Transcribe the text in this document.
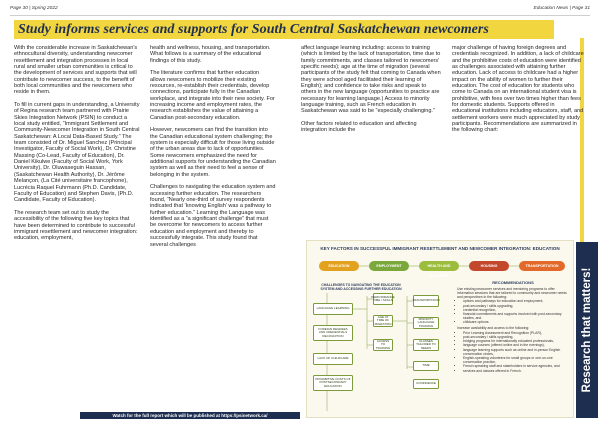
Page 30 | Spring 2022	Education News | Page 31
Study informs services and supports for South Central Saskatchewan newcomers

With the considerable increase in Saskatchewan's ethnocultural diversity, understanding newcomer resettlement and integration processes in local rural and smaller urban communities is critical to the development of services and supports that will contribute to newcomer success, to the benefit of both local communities and the newcomers who reside in them.

To fill in current gaps in understanding, a University of Regina research team partnered with Prairie Skies Integration Network (PSIN) to conduct a local study entitled, “Immigrant Settlement and Community-Newcomer Integration in South Central Saskatchewan: A Local Data-Based Study.” The team consisted of Dr. Miguel Sanchez (Principal Investigator, Faculty of Social Work), Dr. Christine Massing (Co-Lead, Faculty of Education), Dr. Daniel Kikulwe (Faculty of Social Work, York University), Dr. Oluwaseguin Hassan, (Saskatchewan Health Authority), Dr. Jérôme Melançon, (La Cité universitaire francophone), Lucrécia Raquel Fuhrmann (Ph.D. Candidate, Faculty of Education) and Stephen Davis, (Ph.D. Candidate, Faculty of Education).

The research team set out to study the accessibility of the following five key topics that have been determined to contribute to successful immigrant resettlement and newcomer integration: education, employment,

health and wellness, housing, and transportation. What follows is a summary of the educational findings of this study.

The literature confirms that further education allows newcomers to mobilize their existing resources, re-establish their credentials, develop connections, participate fully in the Canadian workplace, and integrate into their new society. For increasing income and employment rates, the research establishes the value of attaining a Canadian post-secondary education.

However, newcomers can find the transition into the Canadian educational system challenging; the system is especially difficult for those living outside of the urban areas due to lack of opportunities. Some newcomers emphasized the need for additional supports for understanding the Canadian system as well as their need to feel a sense of belonging in the system.

Challenges to navigating the education system and accessing further education. The researchers found, “Nearly one-third of survey respondents indicated that ‘knowing English’ was a pathway to further education.” Learning the Language was identified as a “a significant challenge” that must be overcome for newcomers to access further education and employment and thereby to successfully integrate. This study found that several challenges

affect language learning including: access to training (which is limited by the lack of transportation, time due to family commitments, and classes tailored to newcomers' specific needs); age at the time of migration (several participants of the study felt that coming to Canada when they were school aged facilitated their learning of English); and confidence to take risks and speak to others in the new language (opportunities to practice are necessary for learning language.) Access to minority language training, such as French education in Saskatchewan was said to be “especially challenging.”

Other factors related to education and affecting integration include the

major challenge of having foreign degrees and credentials recognized. In addition, a lack of childcare and the prohibitive costs of education were identified as challenges associated with attaining further education. Lack of access to childcare had a higher impact on the ability of women to further their education. The cost of education for students who come to Canada on an international student visa is prohibitive, with fees over two times higher than fees for domestic students. Supports offered in educational institutions including educators, staff, and settlement workers were much appreciated by study participants. Recommendations are summarized in the following chart:

KEY FACTORS IN SUCCESSFUL IMMIGRANT RESETTLEMENT AND NEWCOMER INTEGRATION: EDUCATION
EDUCATION	EMPLOYMENT	HEALTH AND WELLNESS
HOUSING	TRANSPORTATION
CHALLENGES TO NAVIGATING THE EDUCATION SYSTEM AND ACCESSING FURTHER EDUCATION
LANGUAGE LEARNING
FOREIGN DEGREES AND CREDENTIALS RECOGNITION
LACK OF CHILDCARE
PROHIBITIVE COSTS OF POSTSECONDARY EDUCATION
PERFORMANCE TIME / SKILLS
AGE AT TIME OF MIGRATION
ACCESS TO TRAINING
TRANSPORTATION
MINORITY LANGUAGE TRAINING
CLASSES TAILORED TO NEEDS
TIME
CONFIDENCE
RECOMMENDATIONS
Use existing newcomer services and mentoring programs to offer information sessions that are tailored to community and newcomer needs and perspectives in the following:
• options and pathways for education and employment,
• post-secondary / skills upgrading,
• credential recognition,
• financial commitments and supports involved with post-secondary studies, and
• childcare options.
Increase availability and access to the following:
• Prior Learning Assessment and Recognition (PLAR),
• post-secondary / skills upgrading,
• bridging programs for internationally educated professionals,
• language courses (offered online and in the evenings),
• language learning supports such as online and in-person English conversation circles,
• English-speaking volunteers for small groups or one-on-one conversation practice,
• French-speaking staff and stakeholders in service agencies, and
• services and classes offered in French.	Research that matters!
Watch for the full report which will be published at https://psinetwork.ca/
